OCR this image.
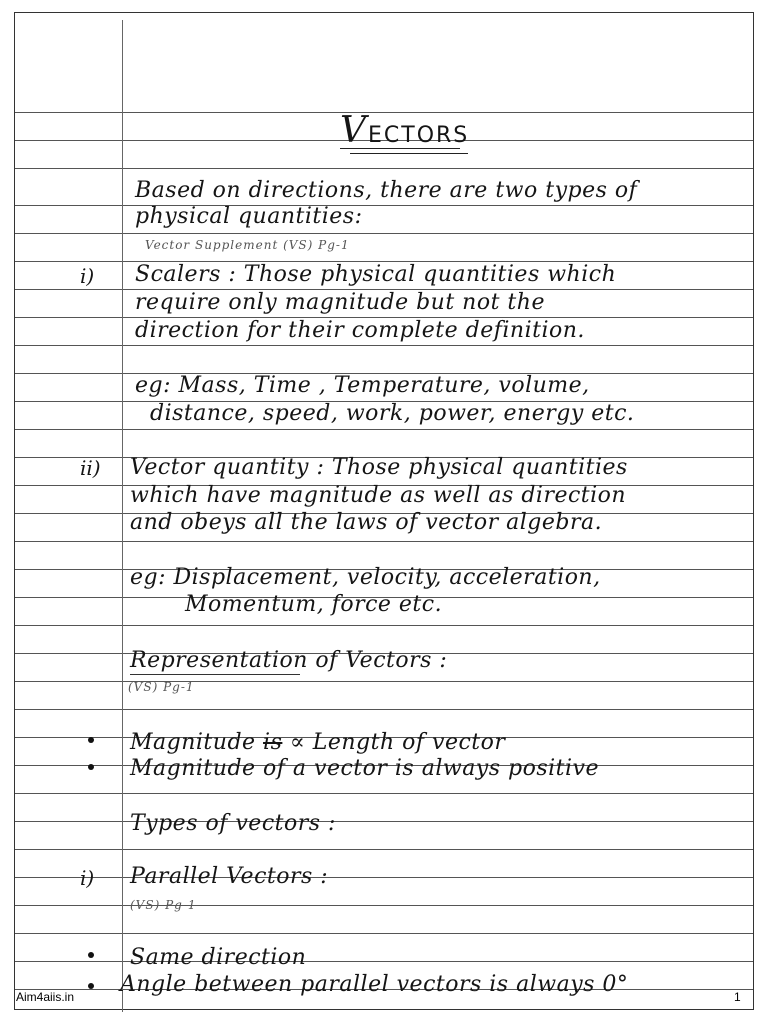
VECTORS
Based on directions, there are two types of
physical quantities:
Vector Supplement (VS) Pg-1
i) Scalers : Those physical quantities which
require only magnitude but not the
direction for their complete definition.
eg: Mass, Time , Temperature, volume,
distance, speed, work, power, energy etc.
ii) Vector quantity : Those physical quantities
which have magnitude as well as direction
and obeys all the laws of vector algebra.
eg: Displacement, velocity, acceleration,
Momentum, force etc.
Representation of Vectors :
(VS) Pg-1
Magnitude is ∝ Length of vector
Magnitude of a vector is always positive
Types of vectors :
i) Parallel Vectors :
(VS) Pg-1
Same direction
Angle between parallel vectors is always 0°
Aim4aiis.in	1
